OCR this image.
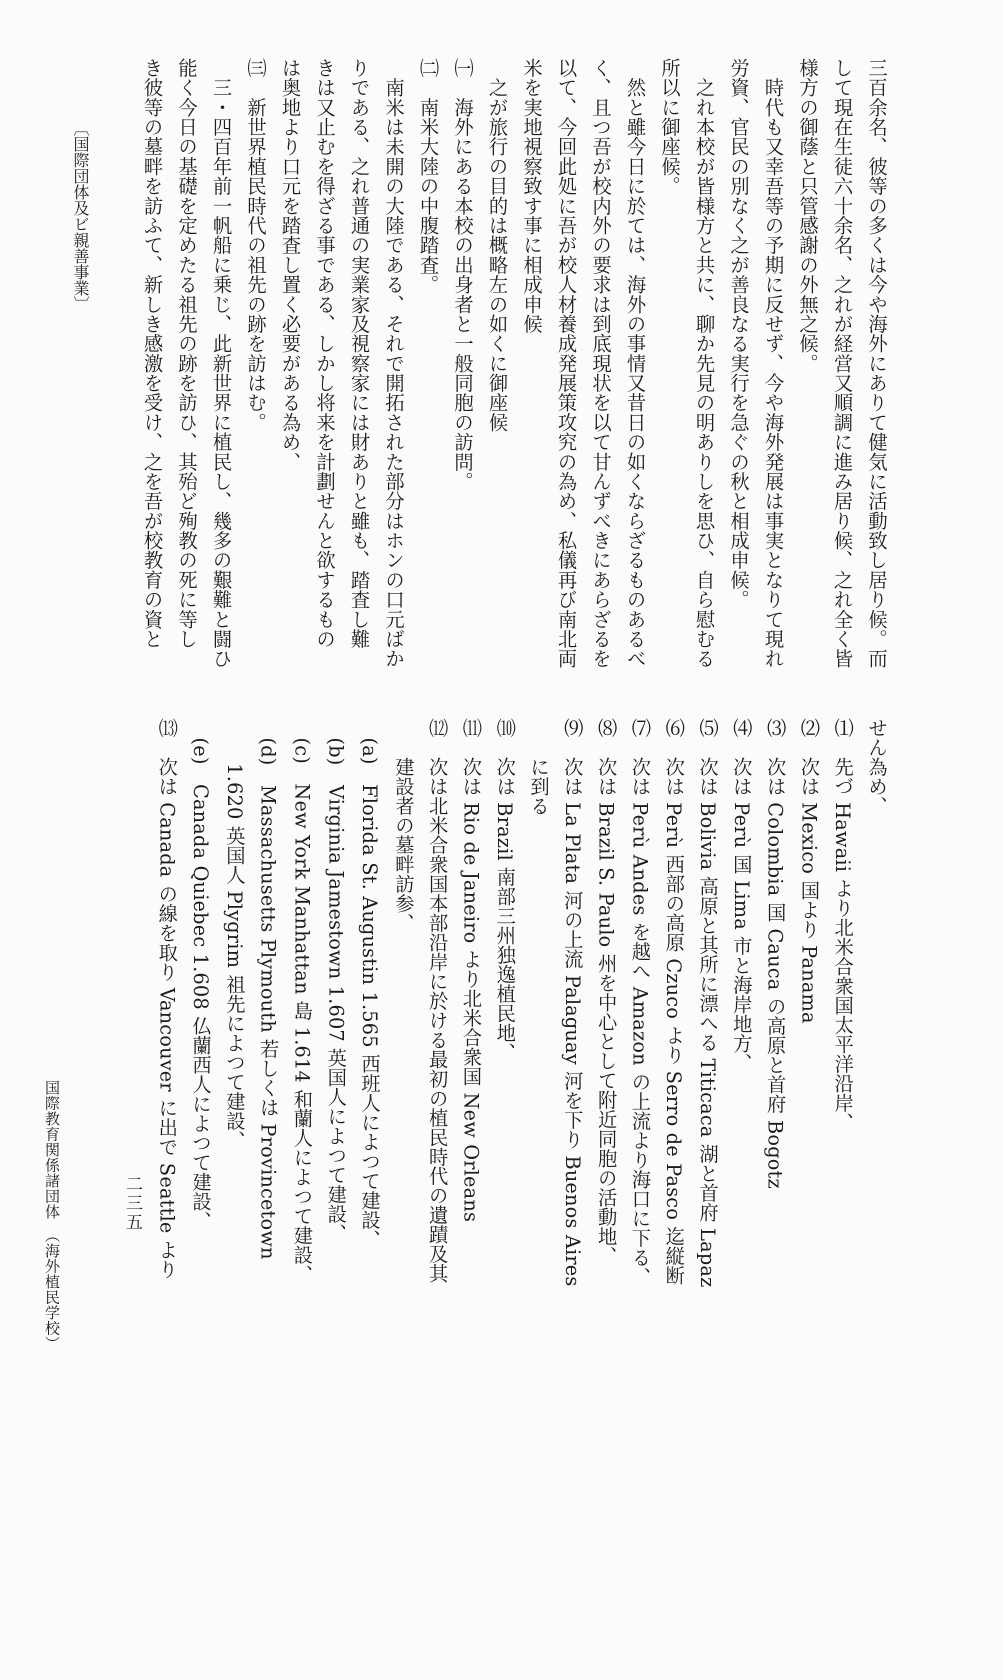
三百余名、彼等の多くは今や海外にありて健気に活動致し居り候。而
して現在生徒六十余名、之れが経営又順調に進み居り候、之れ全く皆
様方の御蔭と只管感謝の外無之候。
　時代も又幸吾等の予期に反せず、今や海外発展は事実となりて現れ
労資、官民の別なく之が善良なる実行を急ぐの秋と相成申候。
　之れ本校が皆様方と共に、聊か先見の明ありしを思ひ、自ら慰むる
所以に御座候。
　然と雖今日に於ては、海外の事情又昔日の如くならざるものあるべ
く、且つ吾が校内外の要求は到底現状を以て甘んずべきにあらざるを
以て、今回此処に吾が校人材養成発展策攻究の為め、私儀再び南北両
米を実地視察致す事に相成申候
　之が旅行の目的は概略左の如くに御座候
㈠　海外にある本校の出身者と一般同胞の訪問。
㈡　南米大陸の中腹踏査。
　南米は未開の大陸である、それで開拓された部分はホンの口元ばか
りである、之れ普通の実業家及視察家には財ありと雖も、踏査し難
きは又止むを得ざる事である、しかし将来を計劃せんと欲するもの
は奥地より口元を踏査し置く必要がある為め、
㈢　新世界植民時代の祖先の跡を訪はむ。
　三・四百年前一帆船に乗じ、此新世界に植民し、幾多の艱難と闘ひ
能く今日の基礎を定めたる祖先の跡を訪ひ、其殆ど殉教の死に等し
き彼等の墓畔を訪ふて、新しき感激を受け、之を吾が校教育の資と
〔国際団体及ビ親善事業〕
せん為め、
⑴　先づ Hawaii より北米合衆国太平洋沿岸、
⑵　次は Mexico 国より Panama
⑶　次は Colombia 国 Cauca の高原と首府 Bogotz
⑷　次は Perù 国 Lima 市と海岸地方、
⑸　次は Bolivia 高原と其所に漂へる Titicaca 湖と首府 Lapaz
⑹　次は Perù 西部の高原 Czuco より Serro de Pasco 迄縦断
⑺　次は Perù Andes を越へ Amazon の上流より海口に下る、
⑻　次は Brazil S. Paulo 州を中心として附近同胞の活動地、
⑼　次は La Plata 河の上流 Palaguay 河を下り Buenos Aires
　　に到る
⑽　次は Brazil 南部三州独逸植民地、
⑾　次は Rio de Janeiro より北米合衆国 New Orleans
⑿　次は北米合衆国本部沿岸に於ける最初の植民時代の遺蹟及其
　　建設者の墓畔訪参、
　(a)　Florida St. Augustin 1.565 西班人によつて建設、
　(b)　Virginia Jamestown 1.607 英国人によつて建設、
　(c)　New York Manhattan 島 1.614 和蘭人によつて建設、
　(d)　Massachusetts Plymouth 若しくは Provincetown
　　 1.620 英国人 Plygrim 祖先によつて建設、
　(e)　Canada Quiebec 1.608 仏蘭西人によつて建設、
⒀　次は Canada の線を取り Vancouver に出で Seattle より
国際教育関係諸団体　（海外植民学校）	二三五
